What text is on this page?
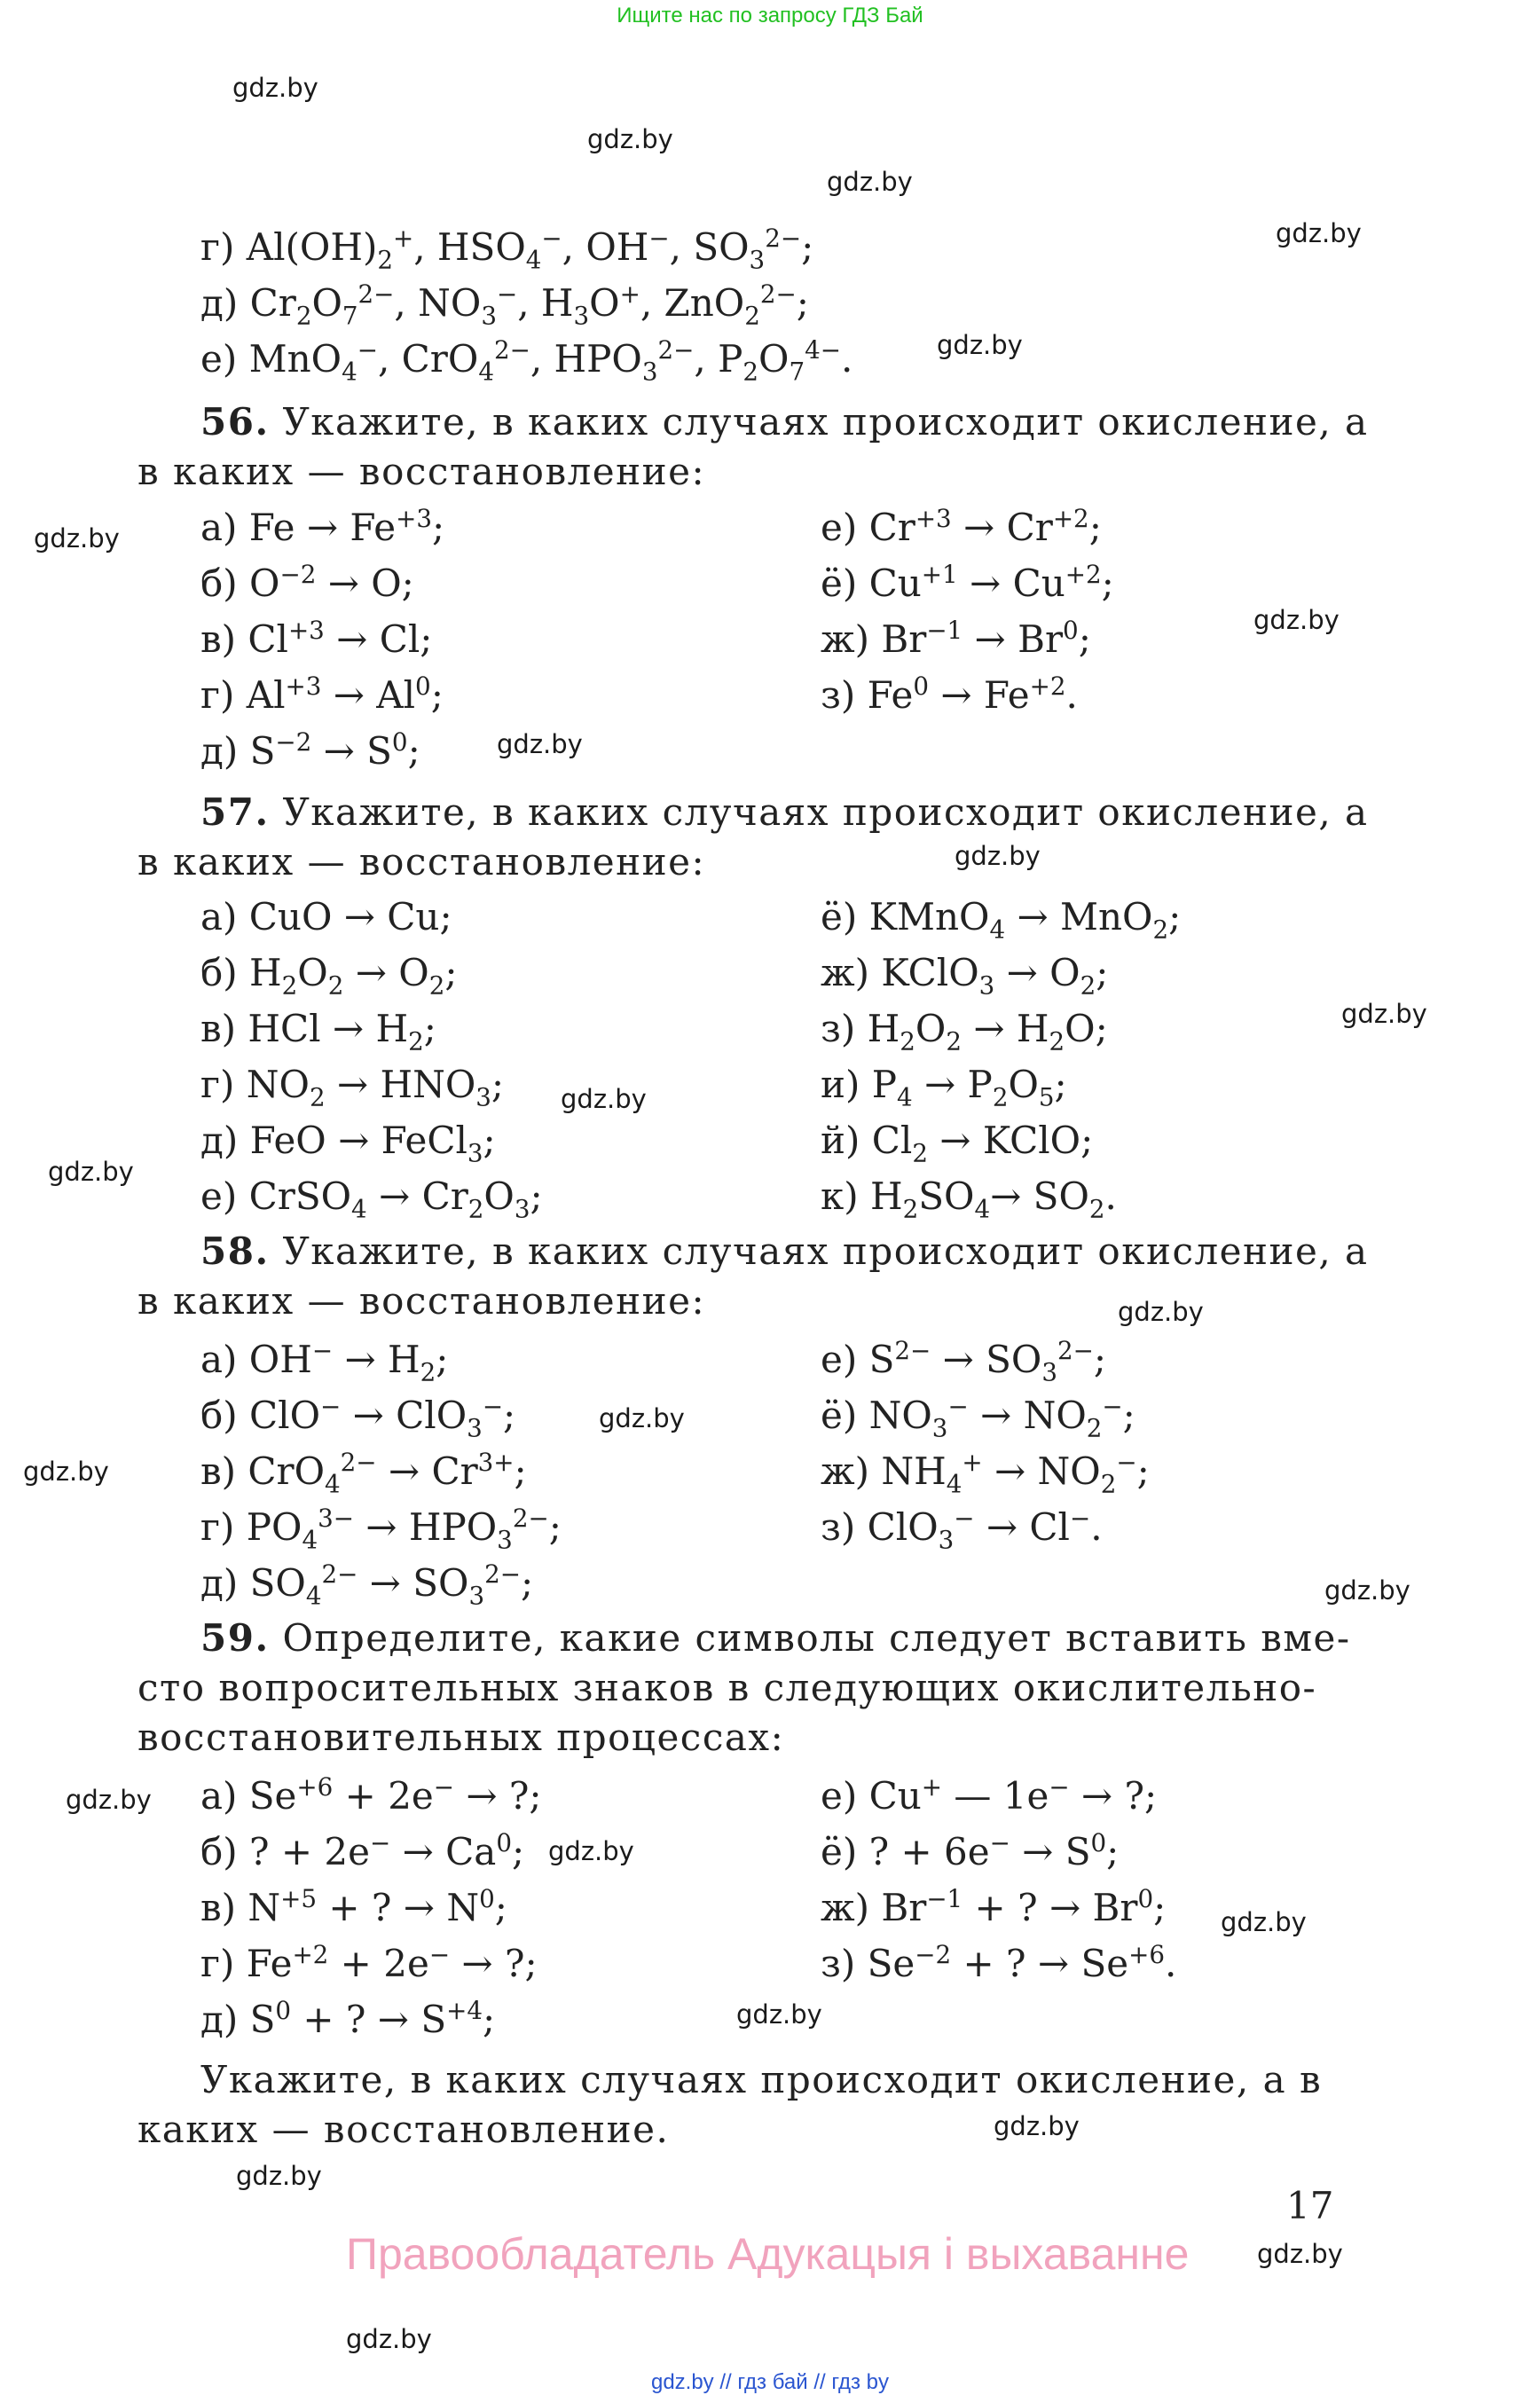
Ищите нас по запросу ГДЗ Бай
gdz.by
gdz.by
gdz.by
gdz.by
gdz.by
gdz.by
gdz.by
gdz.by
gdz.by
gdz.by
gdz.by
gdz.by
gdz.by
gdz.by
gdz.by
gdz.by
gdz.by
gdz.by
gdz.by
gdz.by
gdz.by
gdz.by
gdz.by
gdz.by
г) $Al(OH)_2^+$, $HSO_4^-$, OH−, $SO_3^{2-}$;
д) $Cr_2O_7^{2-}$, $NO_3^-$, $H_3O^+$, ZnO$_2^{2-}$;
е) MnO$_4$−, CrO$_4^{2-}$, $HPO_3^{2-}$, $P_2O_7^{4-}$.
56. Укажите, в каких случаях происходит окисление, а
в каких — восстановление:
а) $Fe \to Fe^{+3}$;
б) $O^{-2} \to O$;
в) $Cl^{+3} \to Cl$;
г) $Al^{+3} \to Al^0$;
д) $S^{-2} \to S^0$;
е) $Cr^{+3} \to Cr^{+2}$;
ё) $Cu^{+1} \to Cu^{+2}$;
ж) $Br^{-1} \to Br^0$;
з) $Fe^0 \to Fe^{+2}$.
57. Укажите, в каких случаях происходит окисление, а
в каких — восстановление:
а) CuO → Cu;
б) $H_2O_2 \to O_2$;
в) HCl → $H_2$;
г) $NO_2 \to HNO_3$;
д) FeO → FeCl$_3$;
е) CrSO$_4$ → $Cr_2O_3$;
ё) KMnO$_4$ → MnO$_2$;
ж) KClO$_3$ → $O_2$;
з) $H_2O_2 \to H_2O$;
и) $P_4 \to P_2O_5$;
й) $Cl_2$ → KClO;
к) $H_2SO_4\to SO_2$.
58. Укажите, в каких случаях происходит окисление, а
в каких — восстановление:
а) $OH^- \to H_2$;
б) ClO− → ClO$_3$−;
в) $CrO_4^{2-} \to Cr^{3+}$;
г) $PO_4^{3-} \to HPO_3^{2-}$;
д) $SO_4^{2-} \to SO_3^{2-}$;
е) $S^{2-} \to SO_3^{2-}$;
ё) $NO_3^- \to NO_2^-$;
ж) $NH_4^+ \to NO_2^-$;
з) ClO$_3$− → Cl−.
59. Определите, какие символы следует вставить вме-
сто вопросительных знаков в следующих окислительно-
восстановительных процессах:
а) $Se^{+6} + 2e^-$ → ?;
б) ? + $2e^- \to Ca^0$;
в) $N^{+5}$ + ? → $N^0$;
г) $Fe^{+2} + 2e^-$ → ?;
д) $S^0$ + ? → $S^{+4}$;
е) Cu+ — 1e− → ?;
ё) ? + $6e^- \to S^0$;
ж) $Br^{-1}$ + ? → $Br^0$;
з) $Se^{-2}$ + ? → $Se^{+6}$.
Укажите, в каких случаях происходит окисление, а в
каких — восстановление.
17
Правообладатель Адукацыя і выхаванне
gdz.by // гдз бай // гдз by
